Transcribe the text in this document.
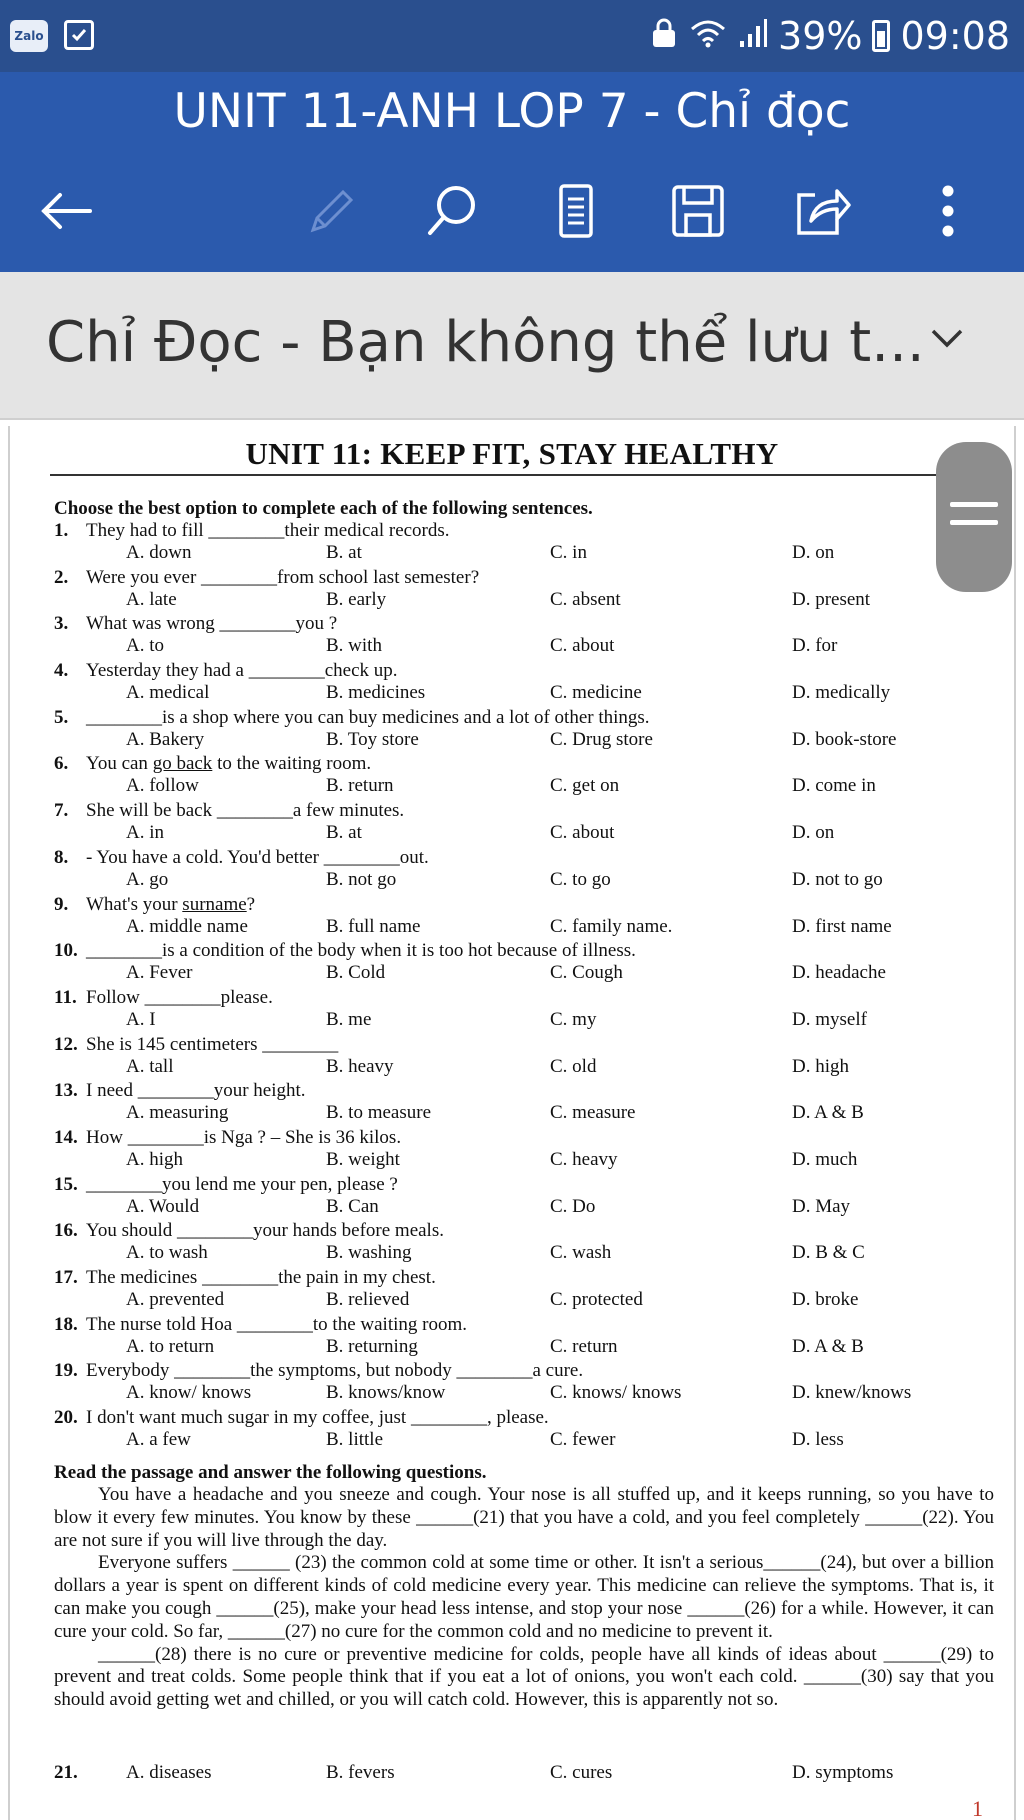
Zalo	39% 09:08
UNIT 11-ANH LOP 7 - Chỉ đọc
Chỉ Đọc - Bạn không thể lưu t...
UNIT 11: KEEP FIT, STAY HEALTHY
Choose the best option to complete each of the following sentences.
1. They had to fill ________their medical records.
A. down	B. at	C. in	D. on
2. Were you ever ________from school last semester?
A. late	B. early	C. absent	D. present
3. What was wrong ________you ?
A. to	B. with	C. about	D. for
4. Yesterday they had a ________check up.
A. medical	B. medicines	C. medicine	D. medically
5. ________is a shop where you can buy medicines and a lot of other things.
A. Bakery	B. Toy store	C. Drug store	D. book-store
6. You can go back to the waiting room.
A. follow	B. return	C. get on	D. come in
7. She will be back ________a few minutes.
A. in	B. at	C. about	D. on
8. - You have a cold. You'd better ________out.
A. go	B. not go	C. to go	D. not to go
9. What's your surname?
A. middle name	B. full name	C. family name.	D. first name
10. ________is a condition of the body when it is too hot because of illness.
A. Fever	B. Cold	C. Cough	D. headache
11. Follow ________please.
A. I	B. me	C. my	D. myself
12. She is 145 centimeters ________
A. tall	B. heavy	C. old	D. high
13. I need ________your height.
A. measuring	B. to measure	C. measure	D. A & B
14. How ________is Nga ? – She is 36 kilos.
A. high	B. weight	C. heavy	D. much
15. ________you lend me your pen, please ?
A. Would	B. Can	C. Do	D. May
16. You should ________your hands before meals.
A. to wash	B. washing	C. wash	D. B & C
17. The medicines ________the pain in my chest.
A. prevented	B. relieved	C. protected	D. broke
18. The nurse told Hoa ________to the waiting room.
A. to return	B. returning	C. return	D. A & B
19. Everybody ________the symptoms, but nobody ________a cure.
A. know/ knows	B. knows/know	C. knows/ knows	D. knew/knows
20. I don't want much sugar in my coffee, just ________, please.
A. a few	B. little	C. fewer	D. less
Read the passage and answer the following questions.

You have a headache and you sneeze and cough. Your nose is all stuffed up, and it keeps running, so you have to blow it every few minutes. You know by these ______(21) that you have a cold, and you feel completely ______(22). You are not sure if you will live through the day.

Everyone suffers ______ (23) the common cold at some time or other. It isn't a serious______(24), but over a billion dollars a year is spent on different kinds of cold medicine every year. This medicine can relieve the symptoms. That is, it can make you cough ______(25), make your head less intense, and stop your nose ______(26) for a while. However, it can cure your cold. So far, ______(27) no cure for the common cold and no medicine to prevent it.

______(28) there is no cure or preventive medicine for colds, people have all kinds of ideas about ______(29) to prevent and treat colds. Some people think that if you eat a lot of onions, you won't each cold. ______(30) say that you should avoid getting wet and chilled, or you will catch cold. However, this is apparently not so.

21.	A. diseases	B. fevers	C. cures	D. symptoms
1
